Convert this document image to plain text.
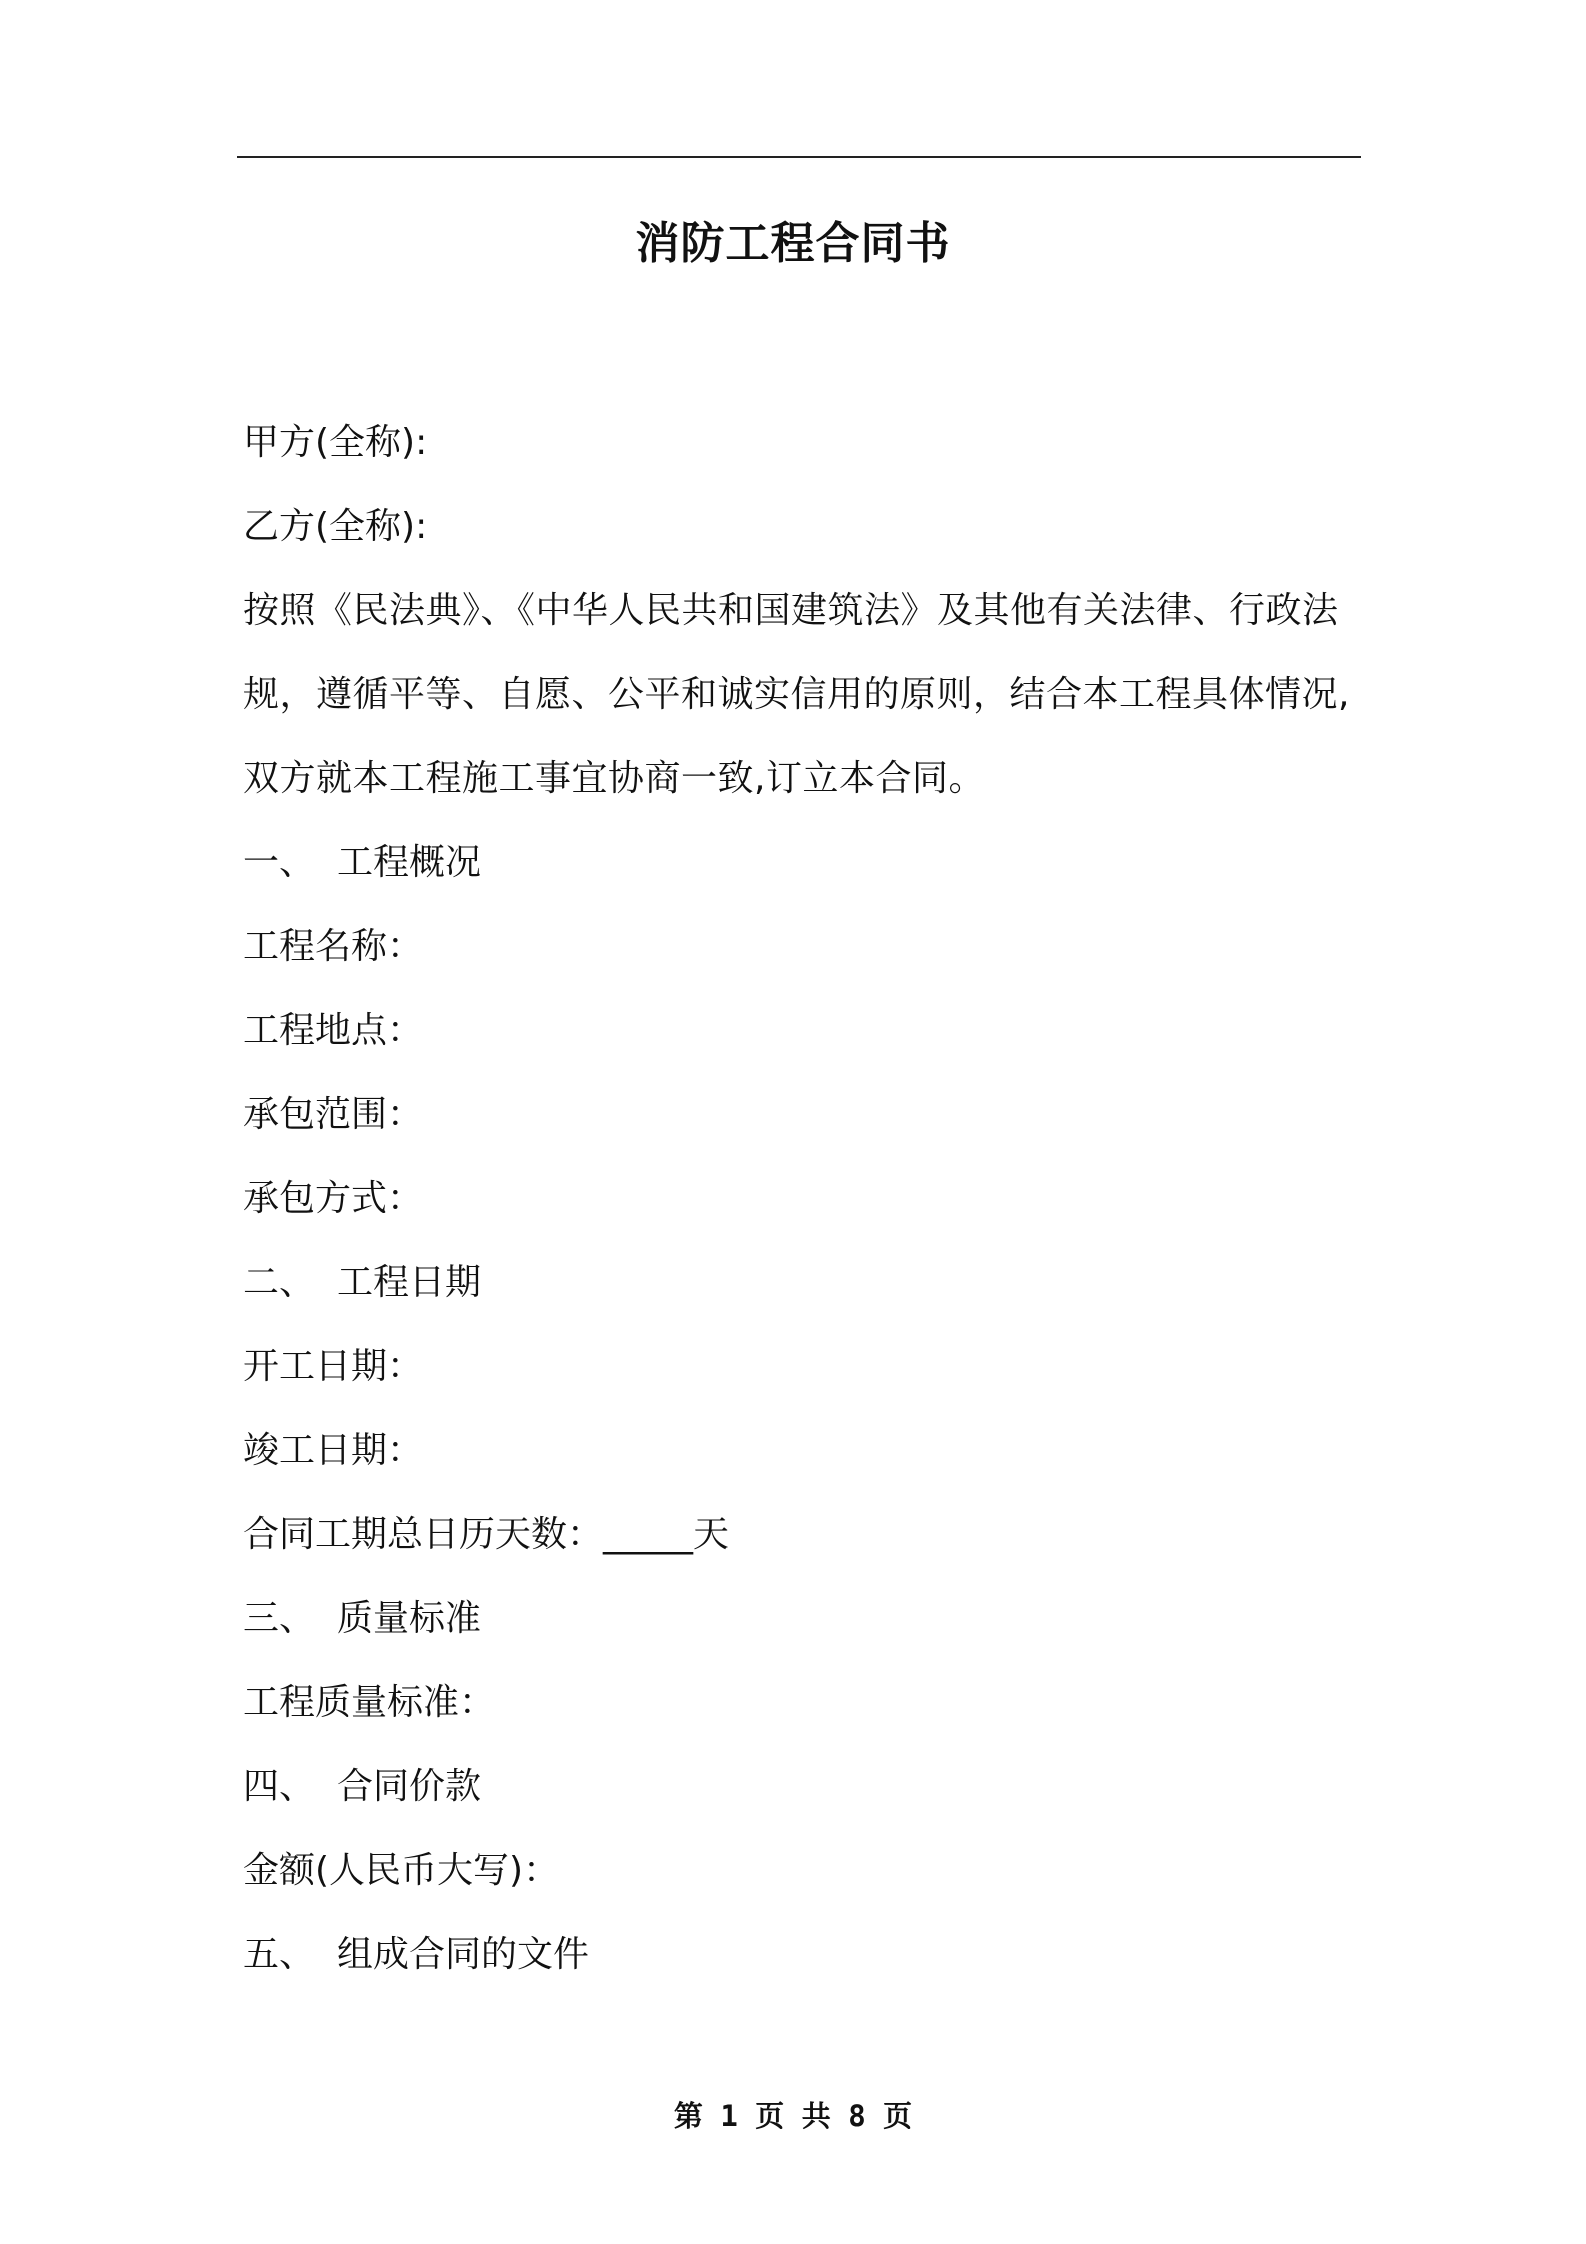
消防工程合同书
甲方(全称):
乙方(全称):
按照《民法典》、《中华人民共和国建筑法》及其他有关法律、行政法
规，遵循平等、自愿、公平和诚实信用的原则，结合本工程具体情况,
双方就本工程施工事宜协商一致,订立本合同。
一、 工程概况
工程名称：
工程地点：
承包范围：
承包方式：
二、 工程日期
开工日期：
竣工日期：
合同工期总日历天数：_____天
三、 质量标准
工程质量标准：
四、 合同价款
金额(人民币大写)：
五、 组成合同的文件
第 1 页 共 8 页
